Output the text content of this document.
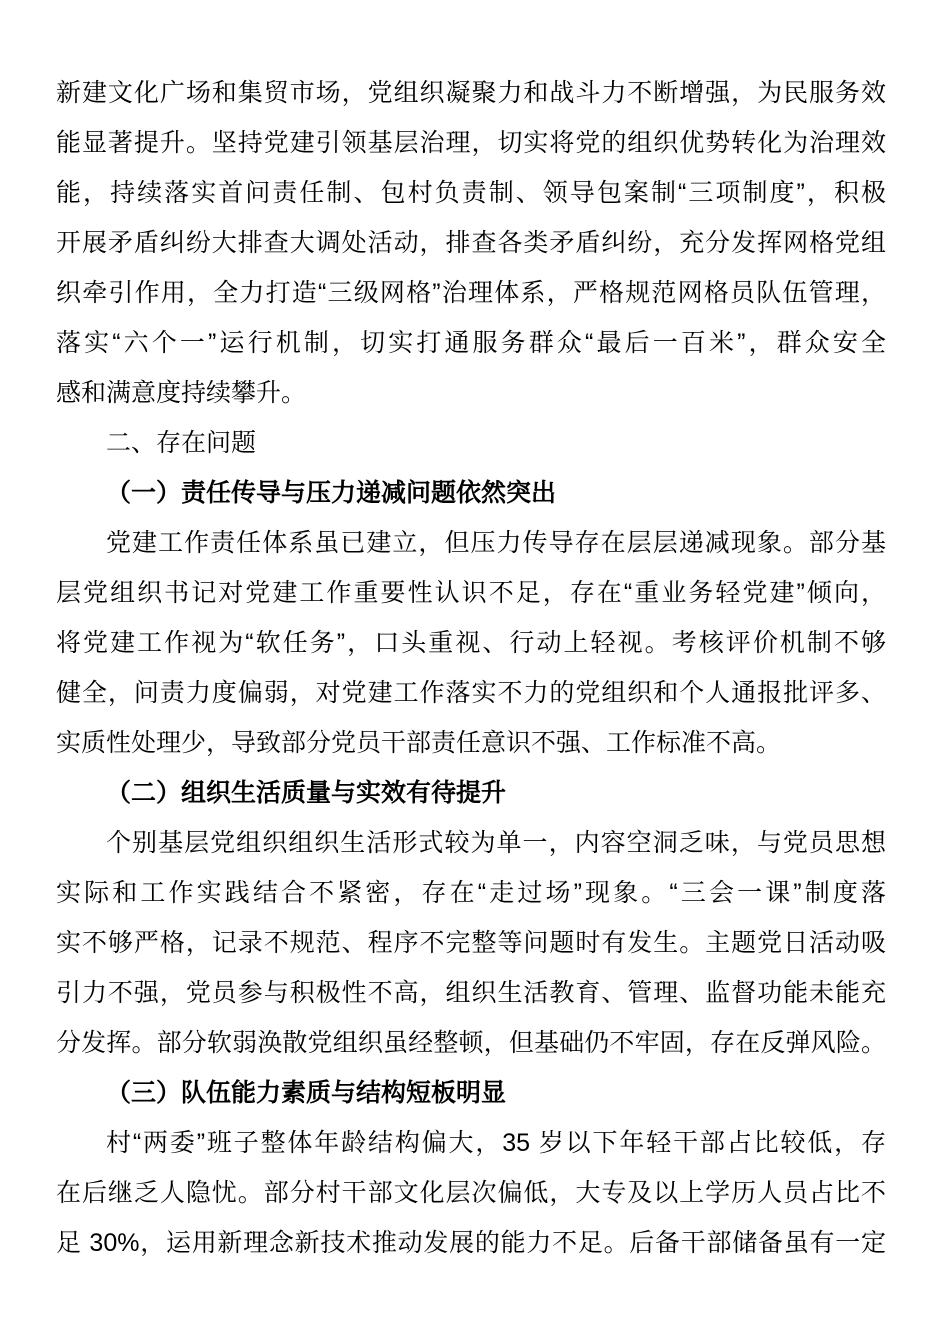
新建文化广场和集贸市场，党组织凝聚力和战斗力不断增强，为民服务效
能显著提升。坚持党建引领基层治理，切实将党的组织优势转化为治理效
能，持续落实首问责任制、包村负责制、领导包案制“三项制度”，积极
开展矛盾纠纷大排查大调处活动，排查各类矛盾纠纷，充分发挥网格党组
织牵引作用，全力打造“三级网格”治理体系，严格规范网格员队伍管理，
落实“六个一”运行机制，切实打通服务群众“最后一百米”，群众安全
感和满意度持续攀升。
二、存在问题
（一）责任传导与压力递减问题依然突出
党建工作责任体系虽已建立，但压力传导存在层层递减现象。部分基
层党组织书记对党建工作重要性认识不足，存在“重业务轻党建”倾向，
将党建工作视为“软任务”，口头重视、行动上轻视。考核评价机制不够
健全，问责力度偏弱，对党建工作落实不力的党组织和个人通报批评多、
实质性处理少，导致部分党员干部责任意识不强、工作标准不高。
（二）组织生活质量与实效有待提升
个别基层党组织组织生活形式较为单一，内容空洞乏味，与党员思想
实际和工作实践结合不紧密，存在“走过场”现象。“三会一课”制度落
实不够严格，记录不规范、程序不完整等问题时有发生。主题党日活动吸
引力不强，党员参与积极性不高，组织生活教育、管理、监督功能未能充
分发挥。部分软弱涣散党组织虽经整顿，但基础仍不牢固，存在反弹风险。
（三）队伍能力素质与结构短板明显
村“两委”班子整体年龄结构偏大，35 岁以下年轻干部占比较低，存
在后继乏人隐忧。部分村干部文化层次偏低，大专及以上学历人员占比不
足 30%，运用新理念新技术推动发展的能力不足。后备干部储备虽有一定
